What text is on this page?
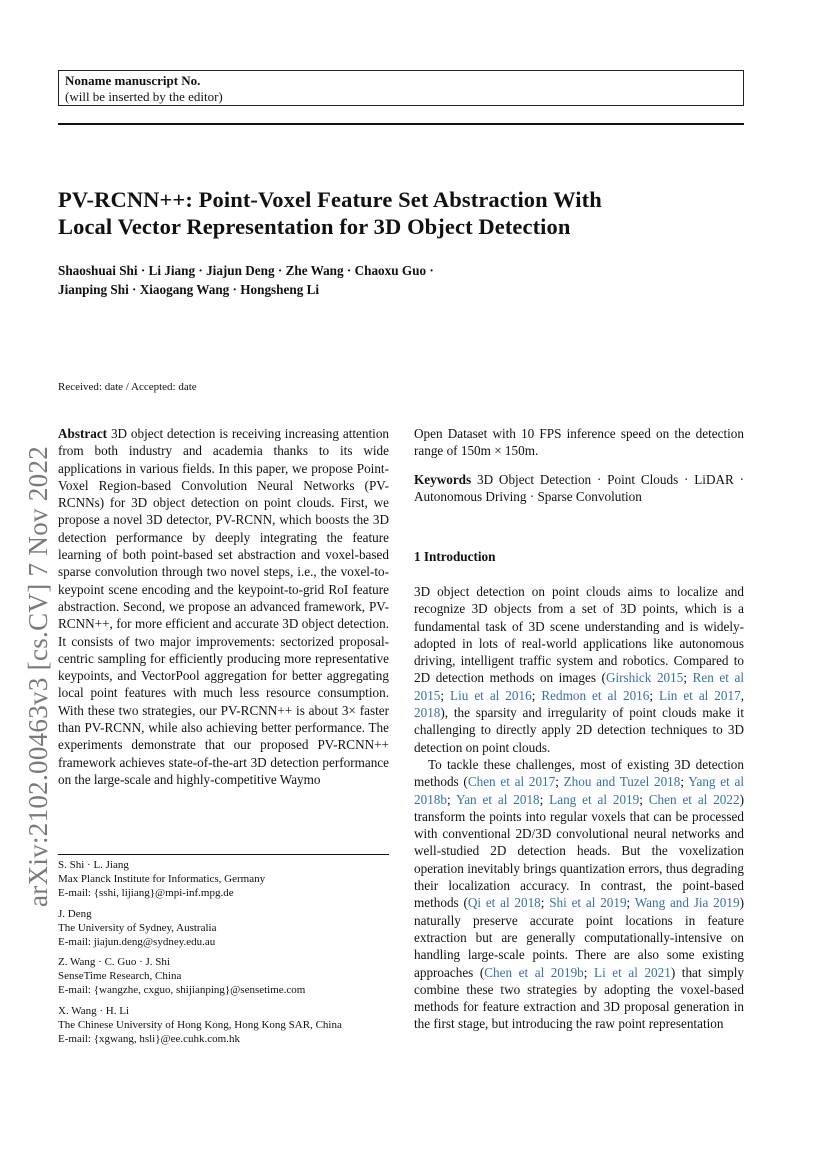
Noname manuscript No.
(will be inserted by the editor)
PV-RCNN++: Point-Voxel Feature Set Abstraction With
Local Vector Representation for 3D Object Detection
Shaoshuai Shi · Li Jiang · Jiajun Deng · Zhe Wang · Chaoxu Guo ·
Jianping Shi · Xiaogang Wang · Hongsheng Li
arXiv:2102.00463v3 [cs.CV] 7 Nov 2022
Received: date / Accepted: date
Abstract 3D object detection is receiving increasing attention from both industry and academia thanks to its wide applications in various fields. In this paper, we propose Point-Voxel Region-based Convolution Neural Networks (PV-RCNNs) for 3D object detection on point clouds. First, we propose a novel 3D detector, PV-RCNN, which boosts the 3D detection performance by deeply integrating the feature learning of both point-based set abstraction and voxel-based sparse convolution through two novel steps, i.e., the voxel-to-keypoint scene encoding and the keypoint-to-grid RoI feature abstraction. Second, we propose an advanced framework, PV-RCNN++, for more efficient and accurate 3D object detection. It consists of two major improvements: sectorized proposal-centric sampling for efficiently producing more representative keypoints, and VectorPool aggregation for better aggregating local point features with much less resource consumption. With these two strategies, our PV-RCNN++ is about 3× faster than PV-RCNN, while also achieving better performance. The experiments demonstrate that our proposed PV-RCNN++ framework achieves state-of-the-art 3D detection performance on the large-scale and highly-competitive Waymo
Open Dataset with 10 FPS inference speed on the detection range of 150m × 150m.
Keywords 3D Object Detection · Point Clouds · LiDAR · Autonomous Driving · Sparse Convolution
1 Introduction
3D object detection on point clouds aims to localize and recognize 3D objects from a set of 3D points, which is a fundamental task of 3D scene understanding and is widely-adopted in lots of real-world applications like autonomous driving, intelligent traffic system and robotics. Compared to 2D detection methods on images (Girshick 2015; Ren et al 2015; Liu et al 2016; Redmon et al 2016; Lin et al 2017, 2018), the sparsity and irregularity of point clouds make it challenging to directly apply 2D detection techniques to 3D detection on point clouds.
To tackle these challenges, most of existing 3D detection methods (Chen et al 2017; Zhou and Tuzel 2018; Yang et al 2018b; Yan et al 2018; Lang et al 2019; Chen et al 2022) transform the points into regular voxels that can be processed with conventional 2D/3D convolutional neural networks and well-studied 2D detection heads. But the voxelization operation inevitably brings quantization errors, thus degrading their localization accuracy. In contrast, the point-based methods (Qi et al 2018; Shi et al 2019; Wang and Jia 2019) naturally preserve accurate point locations in feature extraction but are generally computationally-intensive on handling large-scale points. There are also some existing approaches (Chen et al 2019b; Li et al 2021) that simply combine these two strategies by adopting the voxel-based methods for feature extraction and 3D proposal generation in the first stage, but introducing the raw point representation
S. Shi · L. Jiang
Max Planck Institute for Informatics, Germany
E-mail: {sshi, lijiang}@mpi-inf.mpg.de
J. Deng
The University of Sydney, Australia
E-mail: jiajun.deng@sydney.edu.au
Z. Wang · C. Guo · J. Shi
SenseTime Research, China
E-mail: {wangzhe, cxguo, shijianping}@sensetime.com
X. Wang · H. Li
The Chinese University of Hong Kong, Hong Kong SAR, China
E-mail: {xgwang, hsli}@ee.cuhk.com.hk
